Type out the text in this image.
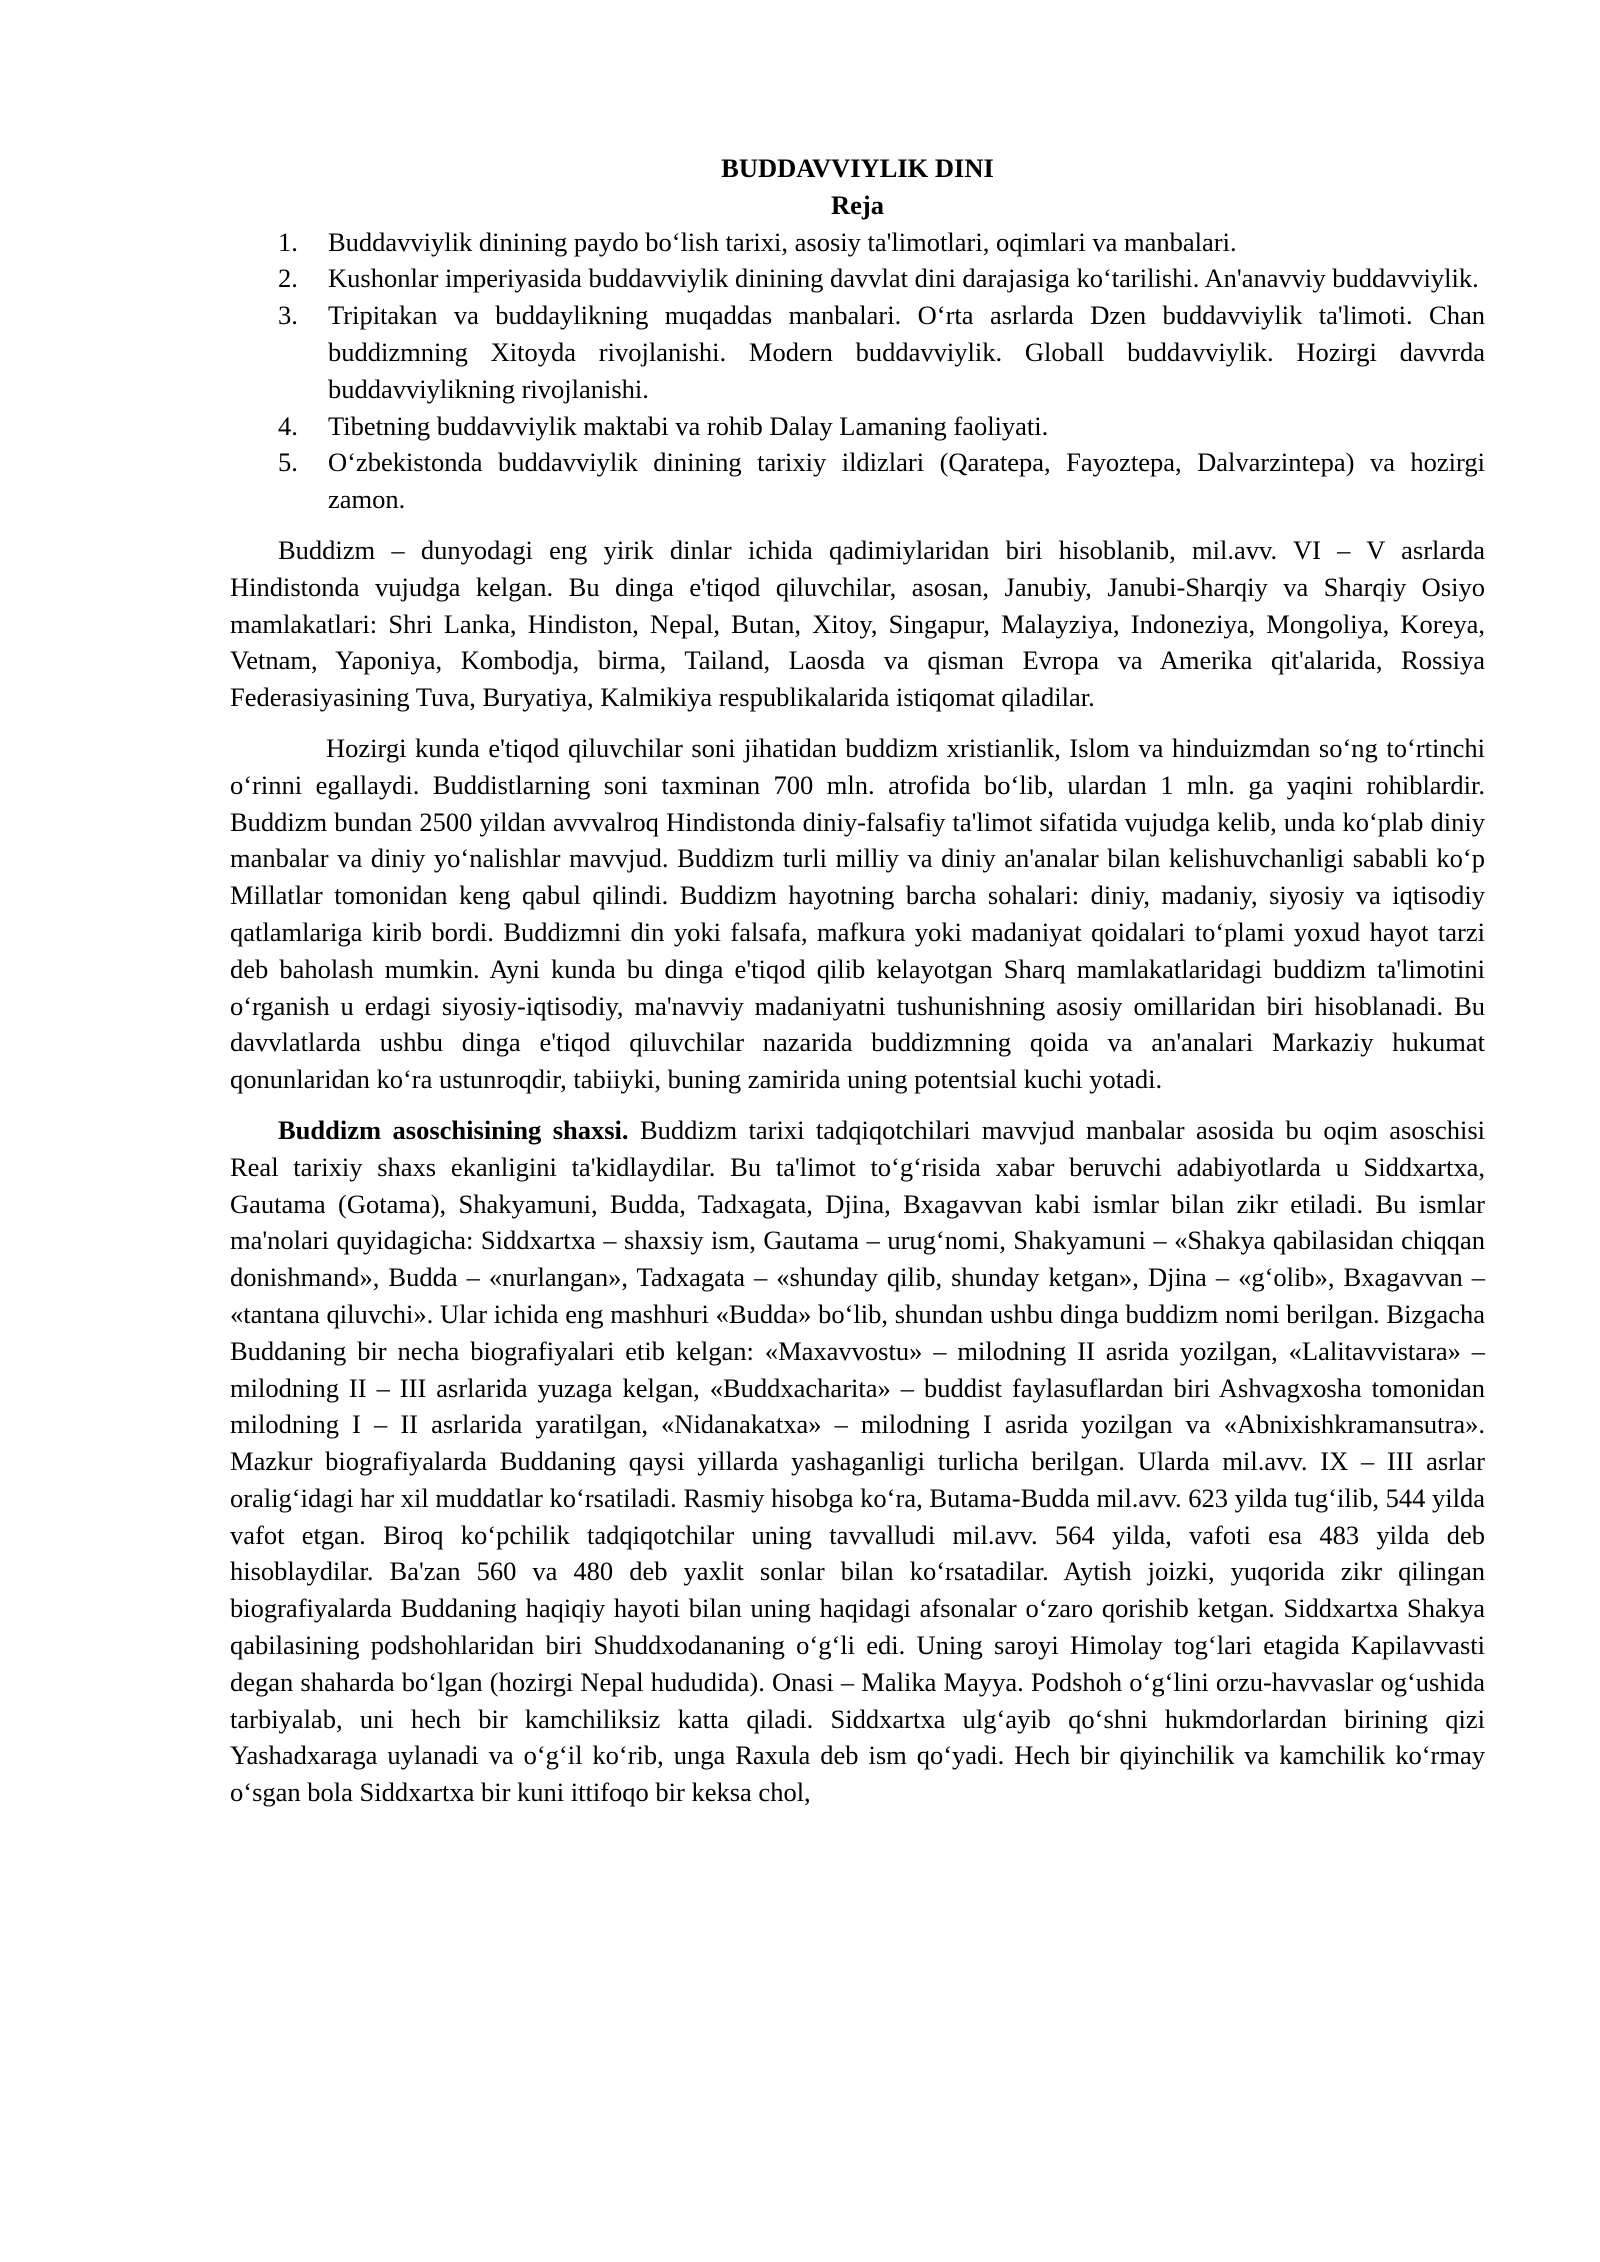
BUDDAVVIYLIK DINI
Reja
1. Buddavviylik dinining paydo bo‘lish tarixi, asosiy ta'limotlari, oqimlari va manbalari.
2. Kushonlar imperiyasida buddavviylik dinining davvlat dini darajasiga ko‘tarilishi. An'anavviy buddavviylik.
3. Tripitakan va buddaylikning muqaddas manbalari. O‘rta asrlarda Dzen buddavviylik ta'limoti. Chan buddizmning Xitoyda rivojlanishi. Modern buddavviylik. Globall buddavviylik. Hozirgi davvrda buddavviylikning rivojlanishi.
4. Tibetning buddavviylik maktabi va rohib Dalay Lamaning faoliyati.
5. O‘zbekistonda buddavviylik dinining tarixiy ildizlari (Qaratepa, Fayoztepa, Dalvarzintepa) va hozirgi zamon.

Buddizm – dunyodagi eng yirik dinlar ichida qadimiylaridan biri hisoblanib, mil.avv. VI – V asrlarda Hindistonda vujudga kelgan. Bu dinga e'tiqod qiluvchilar, asosan, Janubiy, Janubi-Sharqiy va Sharqiy Osiyo mamlakatlari: Shri Lanka, Hindiston, Nepal, Butan, Xitoy, Singapur, Malayziya, Indoneziya, Mongoliya, Koreya, Vetnam, Yaponiya, Kombodja, birma, Tailand, Laosda va qisman Evropa va Amerika qit'alarida, Rossiya Federasiyasining Tuva, Buryatiya, Kalmikiya respublikalarida istiqomat qiladilar.

Hozirgi kunda e'tiqod qiluvchilar soni jihatidan buddizm xristianlik, Islom va hinduizmdan so‘ng to‘rtinchi o‘rinni egallaydi. Buddistlarning soni taxminan 700 mln. atrofida bo‘lib, ulardan 1 mln. ga yaqini rohiblardir. Buddizm bundan 2500 yildan avvvalroq Hindistonda diniy-falsafiy ta'limot sifatida vujudga kelib, unda ko‘plab diniy manbalar va diniy yo‘nalishlar mavvjud. Buddizm turli milliy va diniy an'analar bilan kelishuvchanligi sababli ko‘p Millatlar tomonidan keng qabul qilindi. Buddizm hayotning barcha sohalari: diniy, madaniy, siyosiy va iqtisodiy qatlamlariga kirib bordi. Buddizmni din yoki falsafa, mafkura yoki madaniyat qoidalari to‘plami yoxud hayot tarzi deb baholash mumkin. Ayni kunda bu dinga e'tiqod qilib kelayotgan Sharq mamlakatlaridagi buddizm ta'limotini o‘rganish u erdagi siyosiy-iqtisodiy, ma'navviy madaniyatni tushunishning asosiy omillaridan biri hisoblanadi. Bu davvlatlarda ushbu dinga e'tiqod qiluvchilar nazarida buddizmning qoida va an'analari Markaziy hukumat qonunlaridan ko‘ra ustunroqdir, tabiiyki, buning zamirida uning potentsial kuchi yotadi.

Buddizm asoschisining shaxsi. Buddizm tarixi tadqiqotchilari mavvjud manbalar asosida bu oqim asoschisi Real tarixiy shaxs ekanligini ta'kidlaydilar. Bu ta'limot to‘g‘risida xabar beruvchi adabiyotlarda u Siddxartxa, Gautama (Gotama), Shakyamuni, Budda, Tadxagata, Djina, Bxagavvan kabi ismlar bilan zikr etiladi. Bu ismlar ma'nolari quyidagicha: Siddxartxa – shaxsiy ism, Gautama – urug‘nomi, Shakyamuni – «Shakya qabilasidan chiqqan donishmand», Budda – «nurlangan», Tadxagata – «shunday qilib, shunday ketgan», Djina – «g‘olib», Bxagavvan – «tantana qiluvchi». Ular ichida eng mashhuri «Budda» bo‘lib, shundan ushbu dinga buddizm nomi berilgan. Bizgacha Buddaning bir necha biografiyalari etib kelgan: «Maxavvostu» – milodning II asrida yozilgan, «Lalitavvistara» – milodning II – III asrlarida yuzaga kelgan, «Buddxacharita» – buddist faylasuflardan biri Ashvagxosha tomonidan milodning I – II asrlarida yaratilgan, «Nidanakatxa» – milodning I asrida yozilgan va «Abnixishkramansutra». Mazkur biografiyalarda Buddaning qaysi yillarda yashaganligi turlicha berilgan. Ularda mil.avv. IX – III asrlar oralig‘idagi har xil muddatlar ko‘rsatiladi. Rasmiy hisobga ko‘ra, Butama-Budda mil.avv. 623 yilda tug‘ilib, 544 yilda vafot etgan. Biroq ko‘pchilik tadqiqotchilar uning tavvalludi mil.avv. 564 yilda, vafoti esa 483 yilda deb hisoblaydilar. Ba'zan 560 va 480 deb yaxlit sonlar bilan ko‘rsatadilar. Aytish joizki, yuqorida zikr qilingan biografiyalarda Buddaning haqiqiy hayoti bilan uning haqidagi afsonalar o‘zaro qorishib ketgan. Siddxartxa Shakya qabilasining podshohlaridan biri Shuddxodananing o‘g‘li edi. Uning saroyi Himolay tog‘lari etagida Kapilavvasti degan shaharda bo‘lgan (hozirgi Nepal hududida). Onasi – Malika Mayya. Podshoh o‘g‘lini orzu-havvaslar og‘ushida tarbiyalab, uni hech bir kamchiliksiz katta qiladi. Siddxartxa ulg‘ayib qo‘shni hukmdorlardan birining qizi Yashadxaraga uylanadi va o‘g‘il ko‘rib, unga Raxula deb ism qo‘yadi. Hech bir qiyinchilik va kamchilik ko‘rmay o‘sgan bola Siddxartxa bir kuni ittifoqo bir keksa chol,
